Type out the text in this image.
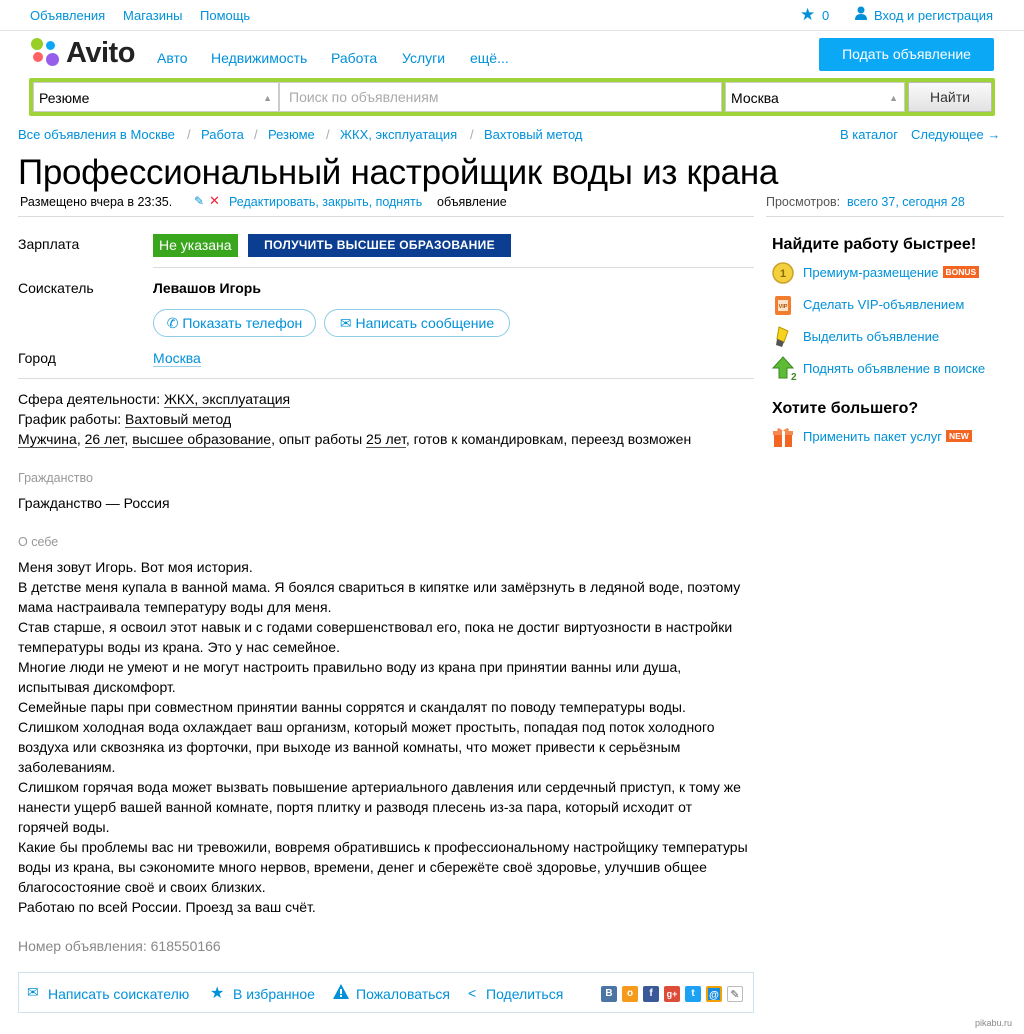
Объявления Магазины Помощь	★ 0	Вход и регистрация
Avito Авто Недвижимость Работа Услуги ещё...	Подать объявление
Резюме	▲	Поиск по объявлениям	Москва	▲	Найти
Все объявления в Москве / Работа / Резюме / ЖКХ, эксплуатация / Вахтовый метод	В каталог Следующее →
Профессиональный настройщик воды из крана
Размещено вчера в 23:35. ✎ ✕ Редактировать, закрыть, поднять объявление	Просмотров: всего 37, сегодня 28
Зарплата	Не указана	ПОЛУЧИТЬ ВЫСШЕЕ ОБРАЗОВАНИЕ
Соискатель	Левашов Игорь
✆ Показать телефон	✉ Написать сообщение
Город	Москва
Сфера деятельности: ЖКХ, эксплуатация
График работы: Вахтовый метод
Мужчина, 26 лет, высшее образование, опыт работы 25 лет, готов к командировкам, переезд возможен
Гражданство
Гражданство — Россия
О себе
Меня зовут Игорь. Вот моя история.
В детстве меня купала в ванной мама. Я боялся свариться в кипятке или замёрзнуть в ледяной воде, поэтому
мама настраивала температуру воды для меня.
Став старше, я освоил этот навык и с годами совершенствовал его, пока не достиг виртуозности в настройки
температуры воды из крана. Это у нас семейное.
Многие люди не умеют и не могут настроить правильно воду из крана при принятии ванны или душа,
испытывая дискомфорт.
Семейные пары при совместном принятии ванны соррятся и скандалят по поводу температуры воды.
Слишком холодная вода охлаждает ваш организм, который может простыть, попадая под поток холодного
воздуха или сквозняка из форточки, при выходе из ванной комнаты, что может привести к серьёзным
заболеваниям.
Слишком горячая вода может вызвать повышение артериального давления или сердечный приступ, к тому же
нанести ущерб вашей ванной комнате, портя плитку и разводя плесень из-за пара, который исходит от
горячей воды.
Какие бы проблемы вас ни тревожили, вовремя обратившись к профессиональному настройщику температуры
воды из крана, вы сэкономите много нервов, времени, денег и сбережёте своё здоровье, улучшив общее
благосостояние своё и своих близких.
Работаю по всей России. Проезд за ваш счёт.
Номер объявления: 618550166
✉ Написать соискателю ★ В избранное	Пожаловаться < Поделиться	В	о	f	g+	t	@	✎
Найдите работу быстрее!
1 Премиум-размещение BONUS
VIP Сделать VIP-объявлением
Выделить объявление
2
Поднять объявление в поиске
Хотите большего?
Применить пакет услуг NEW
pikabu.ru
